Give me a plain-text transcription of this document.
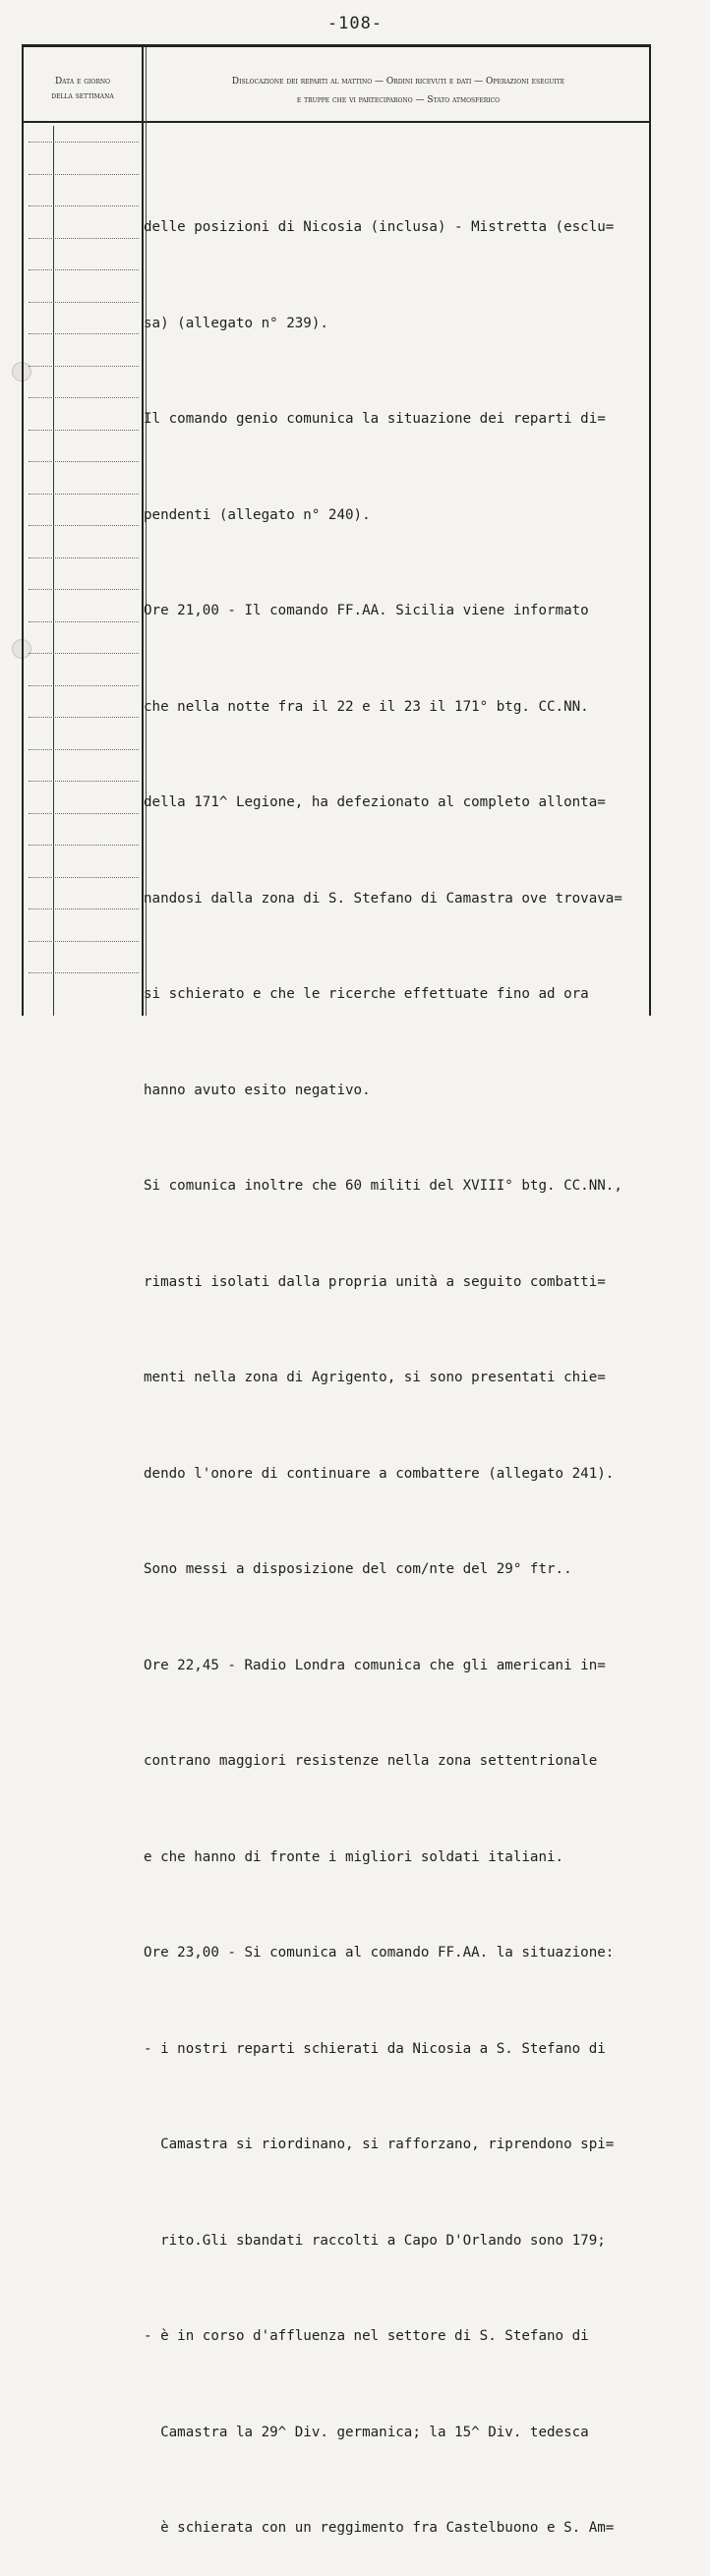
-108-
Data e giorno
della settimana
Dislocazione dei reparti al mattino — Ordini ricevuti e dati — Operazioni eseguite
e truppe che vi parteciparono — Stato atmosferico

delle posizioni di Nicosia (inclusa) - Mistretta (esclu=

sa) (allegato n° 239).

Il comando genio comunica la situazione dei reparti di=

pendenti (allegato n° 240).

Ore 21,00 - Il comando FF.AA. Sicilia viene informato

che nella notte fra il 22 e il 23 il 171° btg. CC.NN.

della 171^ Legione, ha defezionato al completo allonta=

nandosi dalla zona di S. Stefano di Camastra ove trovava=

si schierato e che le ricerche effettuate fino ad ora

hanno avuto esito negativo.

Si comunica inoltre che 60 militi del XVIII° btg. CC.NN.,

rimasti isolati dalla propria unità a seguito combatti=

menti nella zona di Agrigento, si sono presentati chie=

dendo l'onore di continuare a combattere (allegato 241).

Sono messi a disposizione del com/nte del 29° ftr..

Ore 22,45 - Radio Londra comunica che gli americani in=

contrano maggiori resistenze nella zona settentrionale

e che hanno di fronte i migliori soldati italiani.

Ore 23,00 - Si comunica al comando FF.AA. la situazione:

- i nostri reparti schierati da Nicosia a S. Stefano di

Camastra si riordinano, si rafforzano, riprendono spi=

rito.Gli sbandati raccolti a Capo D'Orlando sono 179;

- è in corso d'affluenza nel settore di S. Stefano di

Camastra la 29^ Div. germanica; la 15^ Div. tedesca

è schierata con un reggimento fra Castelbuono e S. Am=
